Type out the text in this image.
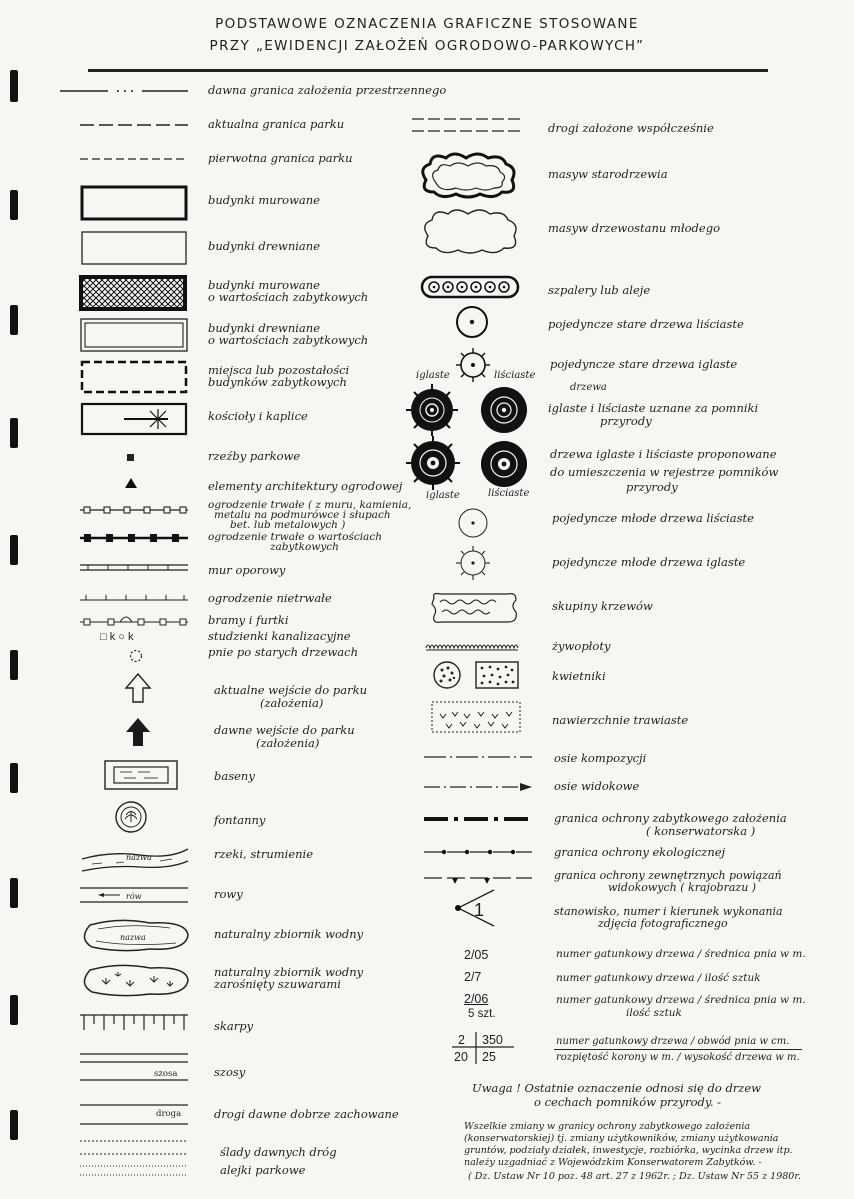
PODSTAWOWE OZNACZENIA GRAFICZNE STOSOWANE
PRZY „EWIDENCJI ZAŁOŻEŃ OGRODOWO-PARKOWYCH”
□ k ○ k
nazwa
rów
nazwa
szosa
droga
dawna granica założenia przestrzennego
aktualna granica parku
pierwotna granica parku
budynki murowane
budynki drewniane
budynki murowane
o wartościach zabytkowych
budynki drewniane
o wartościach zabytkowych
miejsca lub pozostałości
budynków zabytkowych
kościoły i kaplice
rzeźby parkowe
elementy architektury ogrodowej
ogrodzenie trwałe ( z muru, kamienia,
metalu na podmurówce i słupach
bet. lub metalowych )
ogrodzenie trwałe o wartościach
zabytkowych
mur oporowy
ogrodzenie nietrwałe
bramy i furtki
studzienki kanalizacyjne
pnie po starych drzewach
aktualne wejście do parku
(założenia)
dawne wejście do parku
(założenia)
baseny
fontanny
rzeki, strumienie
rowy
naturalny zbiornik wodny
naturalny zbiornik wodny
zarośnięty szuwarami
skarpy
szosy
drogi dawne dobrze zachowane
ślady dawnych dróg
alejki parkowe
iglaste	liściaste
iglaste	liściaste
1
drogi założone współcześnie
masyw starodrzewia
masyw drzewostanu młodego
szpalery lub aleje
pojedyncze stare drzewa liściaste
pojedyncze stare drzewa iglaste
drzewa
iglaste i liściaste uznane za pomniki
przyrody
drzewa iglaste i liściaste proponowane
do umieszczenia w rejestrze pomników
przyrody
pojedyncze młode drzewa liściaste
pojedyncze młode drzewa iglaste
skupiny krzewów
żywopłoty
kwietniki
nawierzchnie trawiaste
osie kompozycji
osie widokowe
granica ochrony zabytkowego założenia
( konserwatorska )
granica ochrony ekologicznej
granica ochrony zewnętrznych powiązań
widokowych ( krajobrazu )
stanowisko, numer i kierunek wykonania
zdjęcia fotograficznego
2/05	numer gatunkowy drzewa / średnica pnia w m.
2/7	numer gatunkowy drzewa / ilość sztuk
2/06
5 szt.
numer gatunkowy drzewa / średnica pnia w m.
ilość sztuk
2 350
20 25
numer gatunkowy drzewa / obwód pnia w cm.
rozpiętość korony w m. / wysokość drzewa w m.
Uwaga ! Ostatnie oznaczenie odnosi się do drzew
o cechach pomników przyrody. -
Wszelkie zmiany w granicy ochrony zabytkowego założenia
(konserwatorskiej) tj. zmiany użytkowników, zmiany użytkowania
gruntów, podziały działek, inwestycje, rozbiórka, wycinka drzew itp.
należy uzgadniać z Wojewódzkim Konserwatorem Zabytków. -
( Dz. Ustaw Nr 10 poz. 48 art. 27 z 1962r. ; Dz. Ustaw Nr 55 z 1980r.
